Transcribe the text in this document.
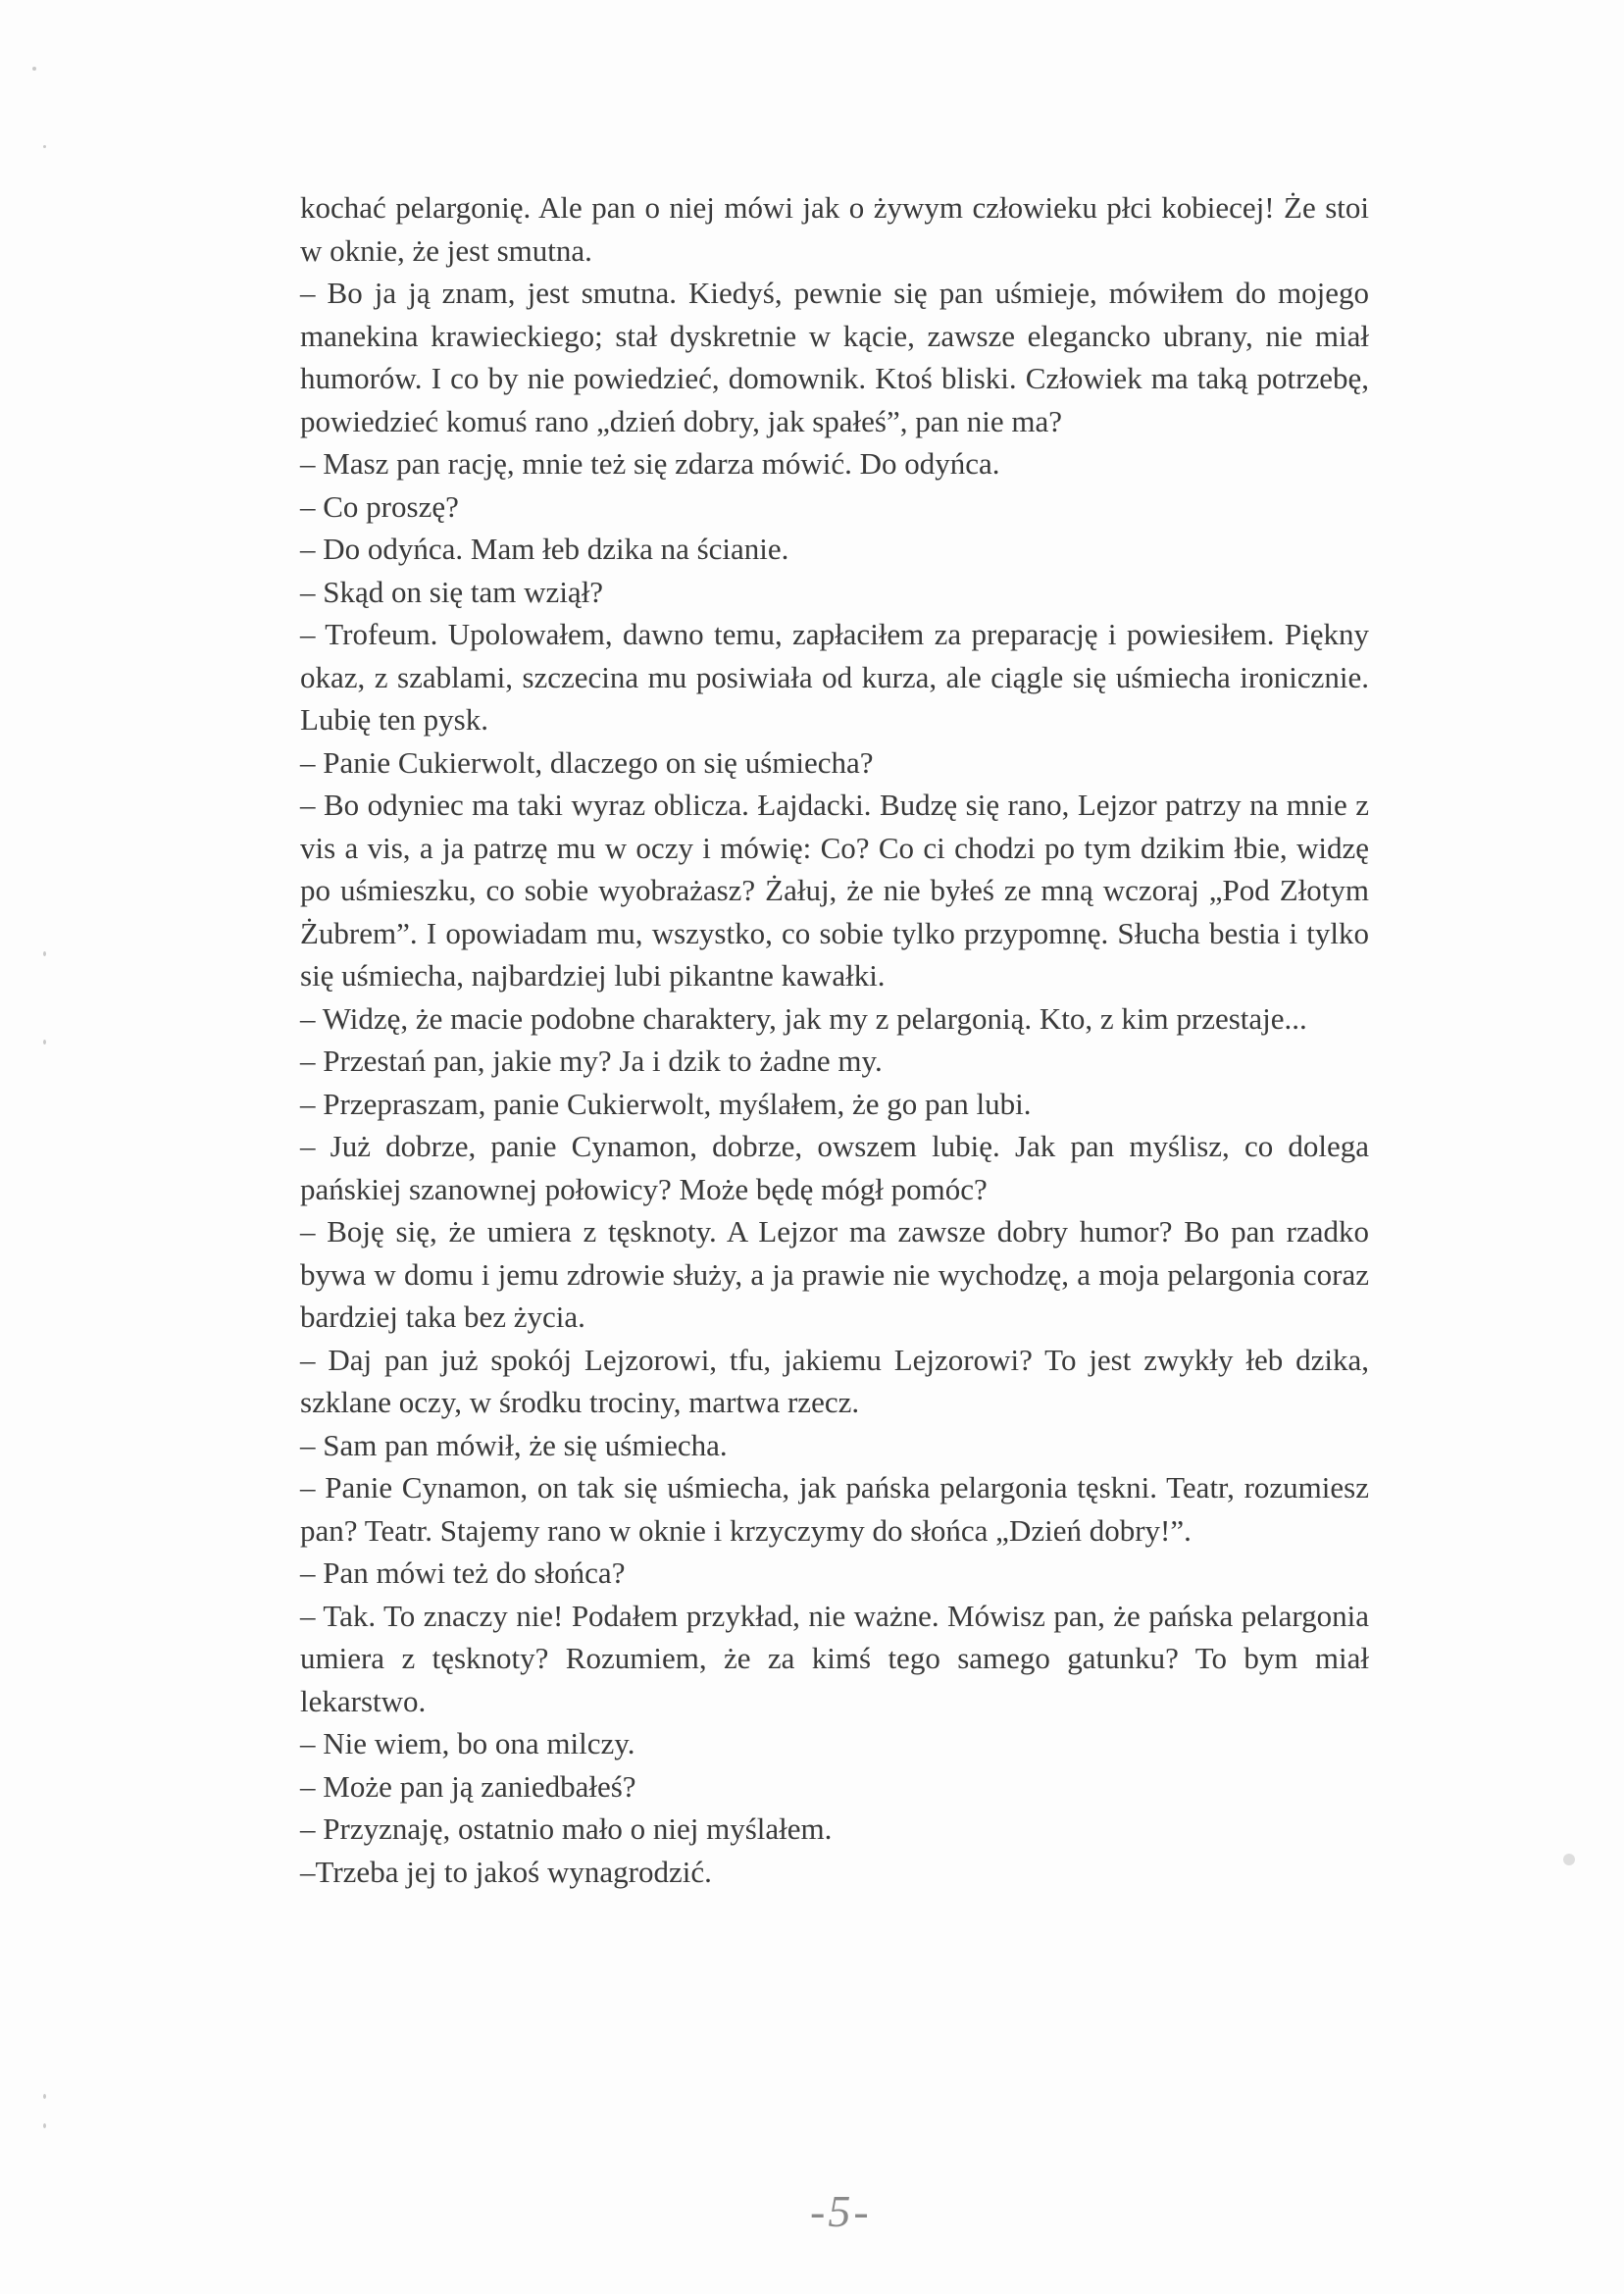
kochać pelargonię. Ale pan o niej mówi jak o żywym człowieku płci kobiecej! Że stoi w oknie, że jest smutna.

– Bo ja ją znam, jest smutna. Kiedyś, pewnie się pan uśmieje, mówiłem do mojego manekina krawieckiego; stał dyskretnie w kącie, zawsze elegancko ubrany, nie miał humorów. I co by nie powiedzieć, domownik. Ktoś bliski. Człowiek ma taką potrzebę, powiedzieć komuś rano „dzień dobry, jak spałeś”, pan nie ma?

– Masz pan rację, mnie też się zdarza mówić. Do odyńca.

– Co proszę?

– Do odyńca. Mam łeb dzika na ścianie.

– Skąd on się tam wziął?

– Trofeum. Upolowałem, dawno temu, zapłaciłem za preparację i powiesiłem. Piękny okaz, z szablami, szczecina mu posiwiała od kurza, ale ciągle się uśmiecha ironicznie. Lubię ten pysk.

– Panie Cukierwolt, dlaczego on się uśmiecha?

– Bo odyniec ma taki wyraz oblicza. Łajdacki. Budzę się rano, Lejzor patrzy na mnie z vis a vis, a ja patrzę mu w oczy i mówię: Co? Co ci chodzi po tym dzikim łbie, widzę po uśmieszku, co sobie wyobrażasz? Żałuj, że nie byłeś ze mną wczoraj „Pod Złotym Żubrem”. I opowiadam mu, wszystko, co sobie tylko przypomnę. Słucha bestia i tylko się uśmiecha, najbardziej lubi pikantne kawałki.

– Widzę, że macie podobne charaktery, jak my z pelargonią. Kto, z kim przestaje...

– Przestań pan, jakie my? Ja i dzik to żadne my.

– Przepraszam, panie Cukierwolt, myślałem, że go pan lubi.

– Już dobrze, panie Cynamon, dobrze, owszem lubię. Jak pan myślisz, co dolega pańskiej szanownej połowicy? Może będę mógł pomóc?

– Boję się, że umiera z tęsknoty. A Lejzor ma zawsze dobry humor? Bo pan rzadko bywa w domu i jemu zdrowie służy, a ja prawie nie wychodzę, a moja pelargonia coraz bardziej taka bez życia.

– Daj pan już spokój Lejzorowi, tfu, jakiemu Lejzorowi? To jest zwykły łeb dzika, szklane oczy, w środku trociny, martwa rzecz.

– Sam pan mówił, że się uśmiecha.

– Panie Cynamon, on tak się uśmiecha, jak pańska pelargonia tęskni. Teatr, rozumiesz pan? Teatr. Stajemy rano w oknie i krzyczymy do słońca „Dzień dobry!”.

– Pan mówi też do słońca?

– Tak. To znaczy nie! Podałem przykład, nie ważne. Mówisz pan, że pańska pelargonia umiera z tęsknoty? Rozumiem, że za kimś tego samego gatunku? To bym miał lekarstwo.

– Nie wiem, bo ona milczy.

– Może pan ją zaniedbałeś?

– Przyznaję, ostatnio mało o niej myślałem.

–Trzeba jej to jakoś wynagrodzić.

-5-
